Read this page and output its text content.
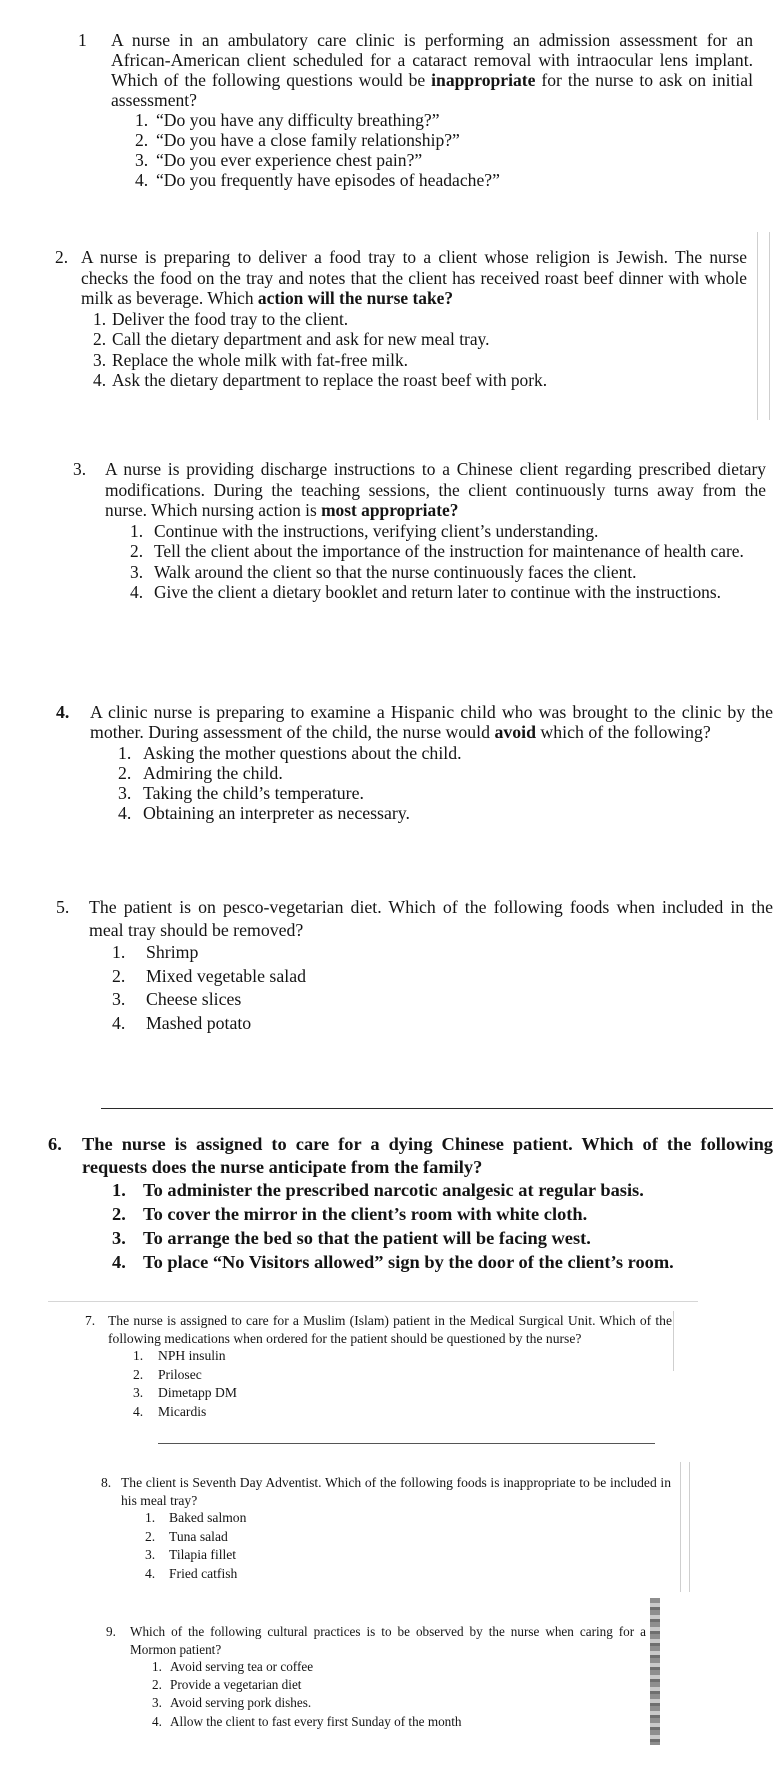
1	A nurse in an ambulatory care clinic is performing an admission assessment for an African-American client scheduled for a cataract removal with intraocular lens implant. Which of the following questions would be inappropriate for the nurse to ask on initial assessment?
1. “Do you have any difficulty breathing?”
2. “Do you have a close family relationship?”
3. “Do you ever experience chest pain?”
4. “Do you frequently have episodes of headache?”
2. A nurse is preparing to deliver a food tray to a client whose religion is Jewish. The nurse checks the food on the tray and notes that the client has received roast beef dinner with whole milk as beverage. Which action will the nurse take?
1. Deliver the food tray to the client.
2. Call the dietary department and ask for new meal tray.
3. Replace the whole milk with fat-free milk.
4. Ask the dietary department to replace the roast beef with pork.
3.	A nurse is providing discharge instructions to a Chinese client regarding prescribed dietary modifications. During the teaching sessions, the client continuously turns away from the nurse. Which nursing action is most appropriate?
1. Continue with the instructions, verifying client’s understanding.
2. Tell the client about the importance of the instruction for maintenance of health care.
3. Walk around the client so that the nurse continuously faces the client.
4. Give the client a dietary booklet and return later to continue with the instructions.
4.	A clinic nurse is preparing to examine a Hispanic child who was brought to the clinic by the mother. During assessment of the child, the nurse would avoid which of the following?
1. Asking the mother questions about the child.
2. Admiring the child.
3. Taking the child’s temperature.
4. Obtaining an interpreter as necessary.
5.	The patient is on pesco-vegetarian diet. Which of the following foods when included in the meal tray should be removed?
1.	Shrimp
2.	Mixed vegetable salad
3.	Cheese slices
4.	Mashed potato
6.	The nurse is assigned to care for a dying Chinese patient. Which of the following requests does the nurse anticipate from the family?
1. To administer the prescribed narcotic analgesic at regular basis.
2. To cover the mirror in the client’s room with white cloth.
3. To arrange the bed so that the patient will be facing west.
4. To place “No Visitors allowed” sign by the door of the client’s room.
7. The nurse is assigned to care for a Muslim (Islam) patient in the Medical Surgical Unit. Which of the following medications when ordered for the patient should be questioned by the nurse?
1.	NPH insulin
2.	Prilosec
3.	Dimetapp DM
4.	Micardis
8. The client is Seventh Day Adventist. Which of the following foods is inappropriate to be included in his meal tray?
1.	Baked salmon
2.	Tuna salad
3.	Tilapia fillet
4.	Fried catfish
9.	Which of the following cultural practices is to be observed by the nurse when caring for a Mormon patient?
1. Avoid serving tea or coffee
2. Provide a vegetarian diet
3. Avoid serving pork dishes.
4. Allow the client to fast every first Sunday of the month
